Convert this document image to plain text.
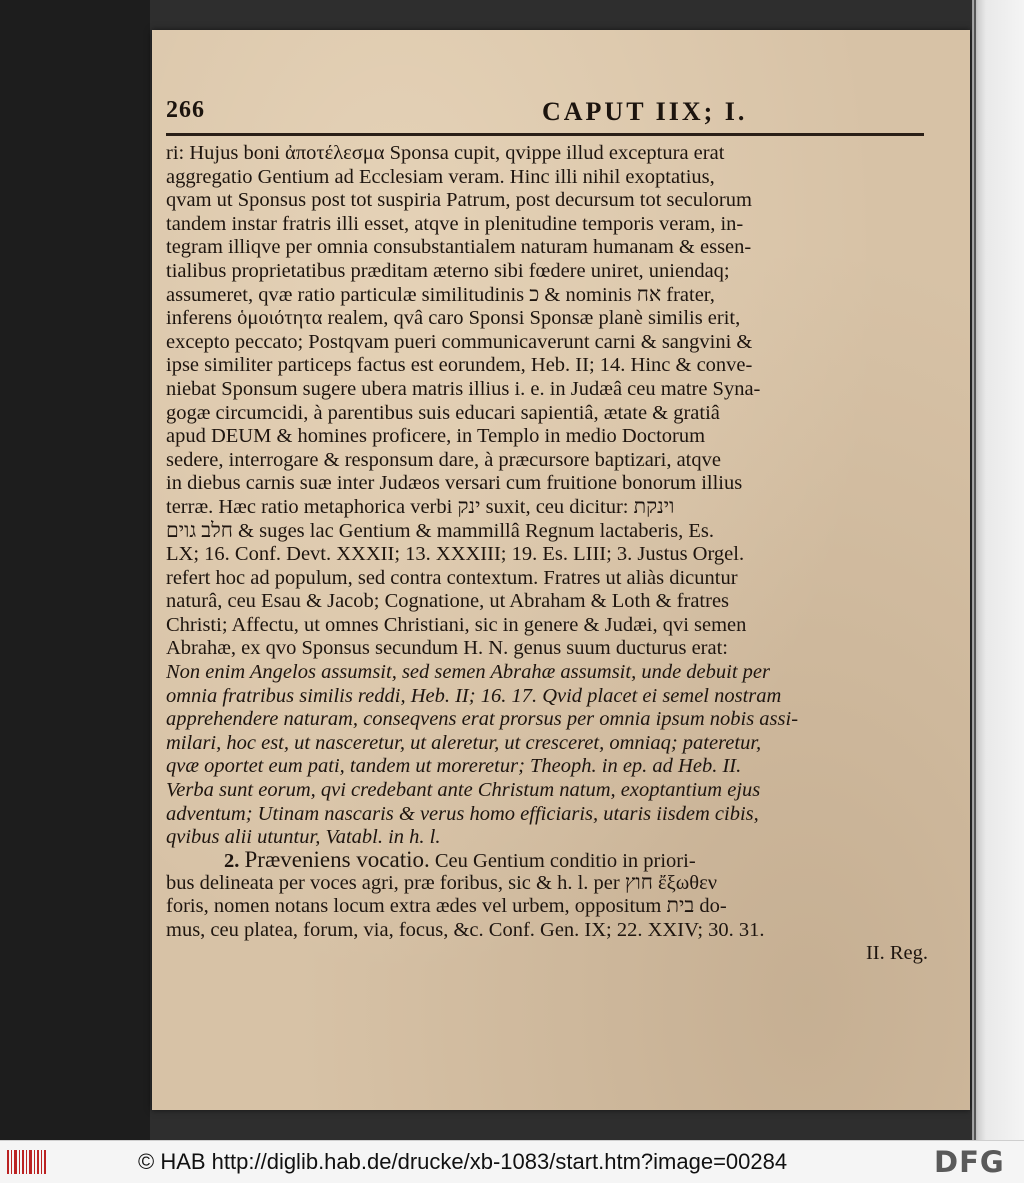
266	CAPUT IIX; I.
ri: Hujus boni ἀποτέλεσμα Sponsa cupit, qvippe illud exceptura erat
aggregatio Gentium ad Ecclesiam veram. Hinc illi nihil exoptatius,
qvam ut Sponsus post tot suspiria Patrum, post decursum tot seculorum
tandem instar fratris illi esset, atqve in plenitudine temporis veram, in-
tegram illiqve per omnia consubstantialem naturam humanam & essen-
tialibus proprietatibus præditam æterno sibi fœdere uniret, uniendaq;
assumeret, qvæ ratio particulæ similitudinis כ & nominis אח frater,
inferens ὁμοιότητα realem, qvâ caro Sponsi Sponsæ planè similis erit,
excepto peccato; Postqvam pueri communicaverunt carni & sangvini &
ipse similiter particeps factus est eorundem, Heb. II; 14. Hinc & conve-
niebat Sponsum sugere ubera matris illius i. e. in Judæâ ceu matre Syna-
gogæ circumcidi, à parentibus suis educari sapientiâ, ætate & gratiâ
apud DEUM & homines proficere, in Templo in medio Doctorum
sedere, interrogare & responsum dare, à præcursore baptizari, atqve
in diebus carnis suæ inter Judæos versari cum fruitione bonorum illius
terræ. Hæc ratio metaphorica verbi ינק suxit, ceu dicitur: וינקת
חלב גוים & suges lac Gentium & mammillâ Regnum lactaberis, Es.
LX; 16. Conf. Devt. XXXII; 13. XXXIII; 19. Es. LIII; 3. Justus Orgel.
refert hoc ad populum, sed contra contextum. Fratres ut aliàs dicuntur
naturâ, ceu Esau & Jacob; Cognatione, ut Abraham & Loth & fratres
Christi; Affectu, ut omnes Christiani, sic in genere & Judæi, qvi semen
Abrahæ, ex qvo Sponsus secundum H. N. genus suum ducturus erat:
Non enim Angelos assumsit, sed semen Abrahæ assumsit, unde debuit per
omnia fratribus similis reddi, Heb. II; 16. 17. Qvid placet ei semel nostram
apprehendere naturam, conseqvens erat prorsus per omnia ipsum nobis assi-
milari, hoc est, ut nasceretur, ut aleretur, ut cresceret, omniaq; pateretur,
qvæ oportet eum pati, tandem ut moreretur; Theoph. in ep. ad Heb. II.
Verba sunt eorum, qvi credebant ante Christum natum, exoptantium ejus
adventum; Utinam nascaris & verus homo efficiaris, utaris iisdem cibis,
qvibus alii utuntur, Vatabl. in h. l.
2. Præveniens vocatio. Ceu Gentium conditio in priori-
bus delineata per voces agri, præ foribus, sic & h. l. per חוץ ἔξωθεν
foris, nomen notans locum extra ædes vel urbem, oppositum בית do-
mus, ceu platea, forum, via, focus, &c. Conf. Gen. IX; 22. XXIV; 30. 31.
II. Reg.
© HAB http://diglib.hab.de/drucke/xb-1083/start.htm?image=00284	DFG
